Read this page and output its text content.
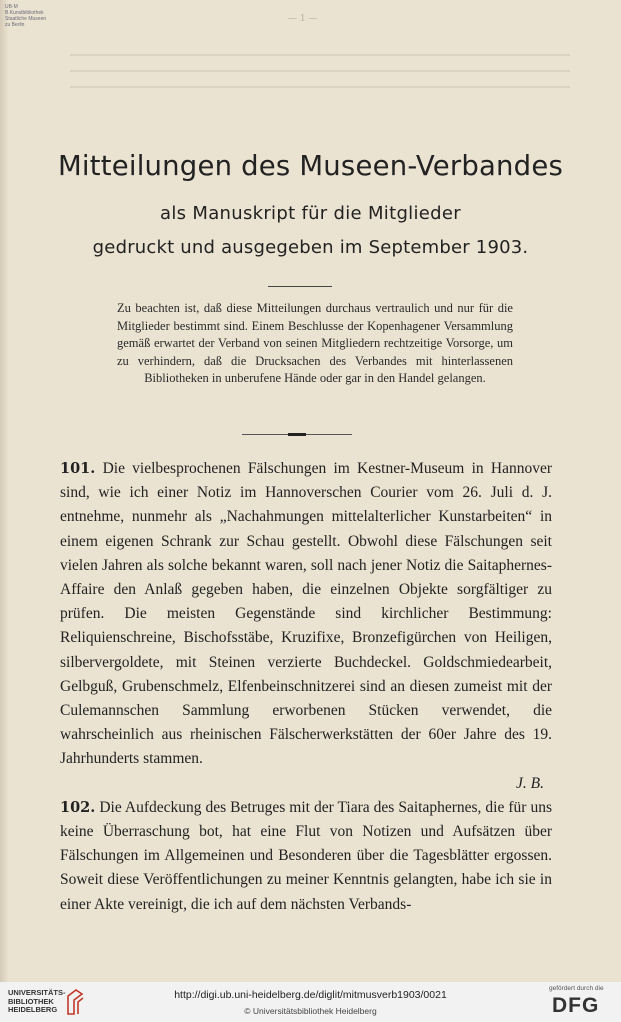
UB-M
B.Kunstbibliothek
Staatliche Museen
zu Berlin
— 1 —
Mitteilungen des Museen-Verbandes
als Manuskript für die Mitglieder
gedruckt und ausgegeben im September 1903.
Zu beachten ist, daß diese Mitteilungen durchaus vertraulich und nur für die Mitglieder bestimmt sind. Einem Beschlusse der Kopenhagener Versammlung gemäß erwartet der Verband von seinen Mitgliedern rechtzeitige Vorsorge, um zu verhindern, daß die Drucksachen des Verbandes mit hinterlassenen Bibliotheken in unberufene Hände oder gar in den Handel gelangen.

101. Die vielbesprochenen Fälschungen im Kestner-Museum in Hannover sind, wie ich einer Notiz im Hannoverschen Courier vom 26. Juli d. J. entnehme, nunmehr als „Nachahmungen mittelalterlicher Kunstarbeiten“ in einem eigenen Schrank zur Schau gestellt. Obwohl diese Fälschungen seit vielen Jahren als solche bekannt waren, soll nach jener Notiz die Saitaphernes-Affaire den Anlaß gegeben haben, die einzelnen Objekte sorgfältiger zu prüfen. Die meisten Gegenstände sind kirchlicher Bestimmung: Reliquienschreine, Bischofsstäbe, Kruzifixe, Bronzefigürchen von Heiligen, silbervergoldete, mit Steinen verzierte Buchdeckel. Goldschmiedearbeit, Gelbguß, Grubenschmelz, Elfenbeinschnitzerei sind an diesen zumeist mit der Culemannschen Sammlung erworbenen Stücken verwendet, die wahrscheinlich aus rheinischen Fälscherwerkstätten der 60er Jahre des 19. Jahrhunderts stammen.

J. B.

102. Die Aufdeckung des Betruges mit der Tiara des Saitaphernes, die für uns keine Überraschung bot, hat eine Flut von Notizen und Aufsätzen über Fälschungen im Allgemeinen und Besonderen über die Tagesblätter ergossen. Soweit diese Veröffentlichungen zu meiner Kenntnis gelangten, habe ich sie in einer Akte vereinigt, die ich auf dem nächsten Verbands-

UNIVERSITÄTS-
BIBLIOTHEK
HEIDELBERG
http://digi.ub.uni-heidelberg.de/diglit/mitmusverb1903/0021
© Universitätsbibliothek Heidelberg
gefördert durch die
DFG
